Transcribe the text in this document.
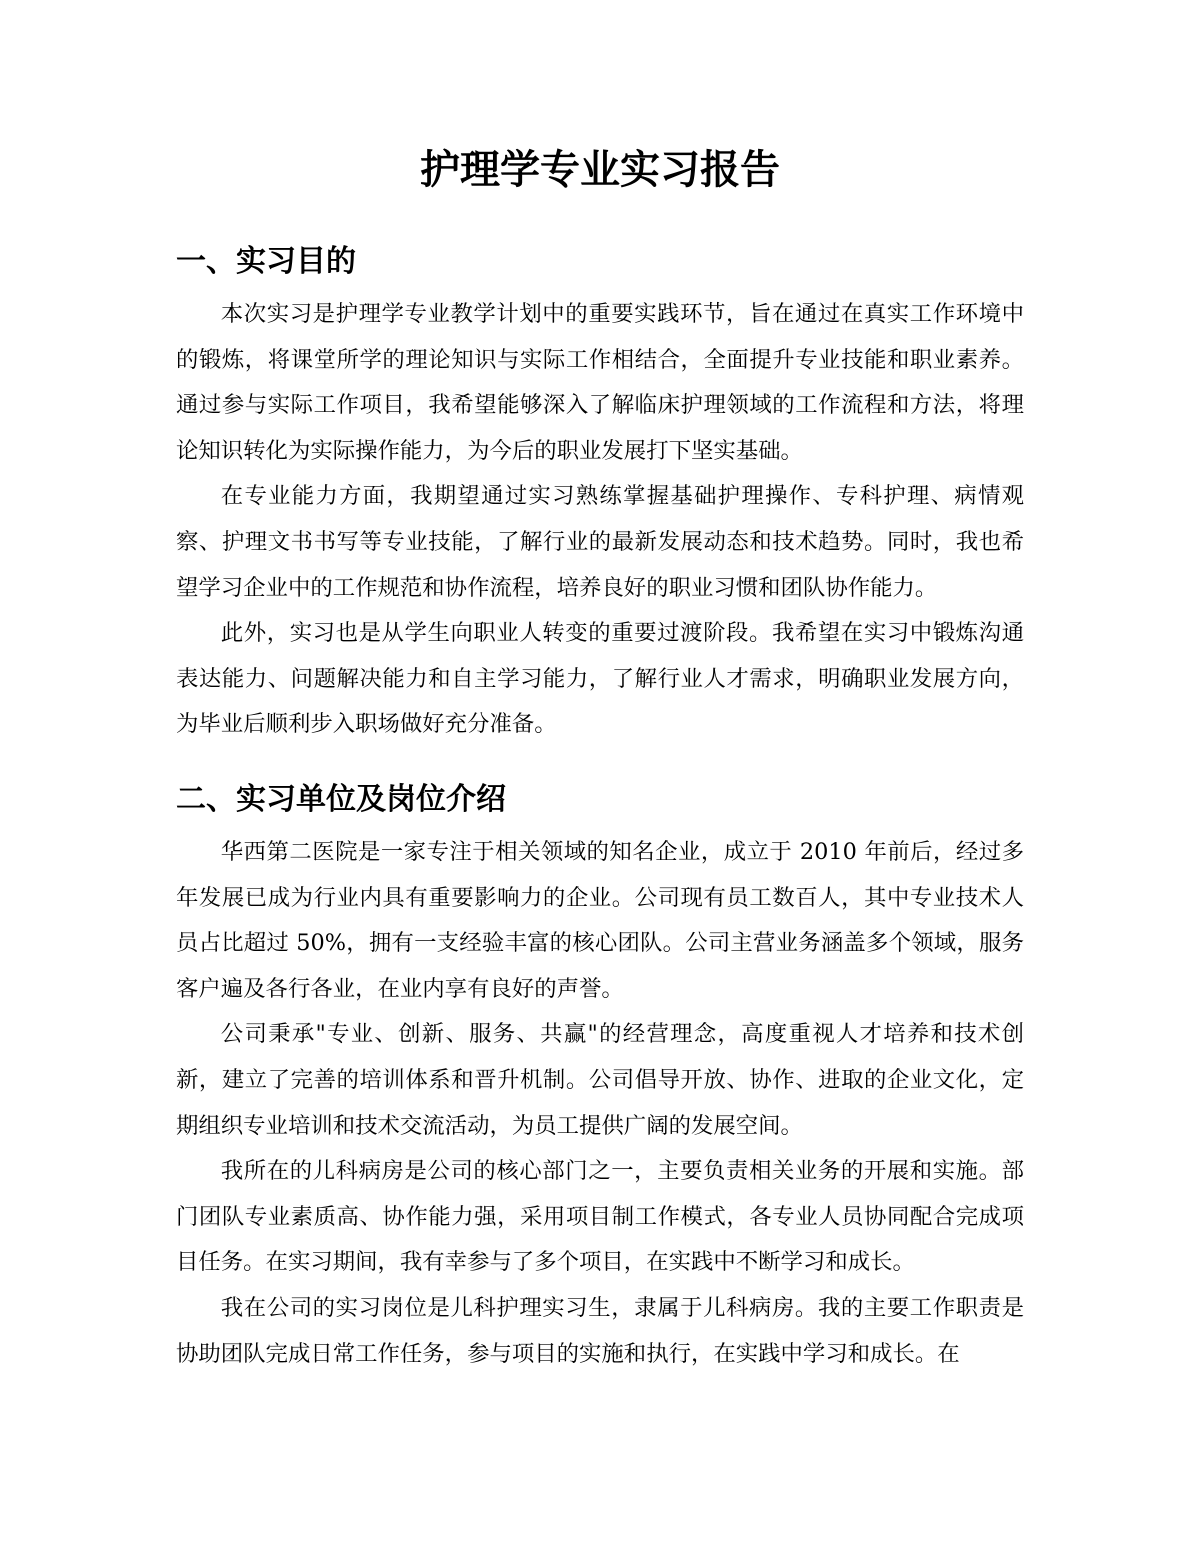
护理学专业实习报告
一、实习目的

本次实习是护理学专业教学计划中的重要实践环节，旨在通过在真实工作环境中的锻炼，将课堂所学的理论知识与实际工作相结合，全面提升专业技能和职业素养。通过参与实际工作项目，我希望能够深入了解临床护理领域的工作流程和方法，将理论知识转化为实际操作能力，为今后的职业发展打下坚实基础。

在专业能力方面，我期望通过实习熟练掌握基础护理操作、专科护理、病情观察、护理文书书写等专业技能，了解行业的最新发展动态和技术趋势。同时，我也希望学习企业中的工作规范和协作流程，培养良好的职业习惯和团队协作能力。

此外，实习也是从学生向职业人转变的重要过渡阶段。我希望在实习中锻炼沟通表达能力、问题解决能力和自主学习能力，了解行业人才需求，明确职业发展方向，为毕业后顺利步入职场做好充分准备。

二、实习单位及岗位介绍

华西第二医院是一家专注于相关领域的知名企业，成立于 2010 年前后，经过多年发展已成为行业内具有重要影响力的企业。公司现有员工数百人，其中专业技术人员占比超过 50%，拥有一支经验丰富的核心团队。公司主营业务涵盖多个领域，服务客户遍及各行各业，在业内享有良好的声誉。

公司秉承"专业、创新、服务、共赢"的经营理念，高度重视人才培养和技术创新，建立了完善的培训体系和晋升机制。公司倡导开放、协作、进取的企业文化，定期组织专业培训和技术交流活动，为员工提供广阔的发展空间。

我所在的儿科病房是公司的核心部门之一，主要负责相关业务的开展和实施。部门团队专业素质高、协作能力强，采用项目制工作模式，各专业人员协同配合完成项目任务。在实习期间，我有幸参与了多个项目，在实践中不断学习和成长。

我在公司的实习岗位是儿科护理实习生，隶属于儿科病房。我的主要工作职责是协助团队完成日常工作任务，参与项目的实施和执行，在实践中学习和成长。在
